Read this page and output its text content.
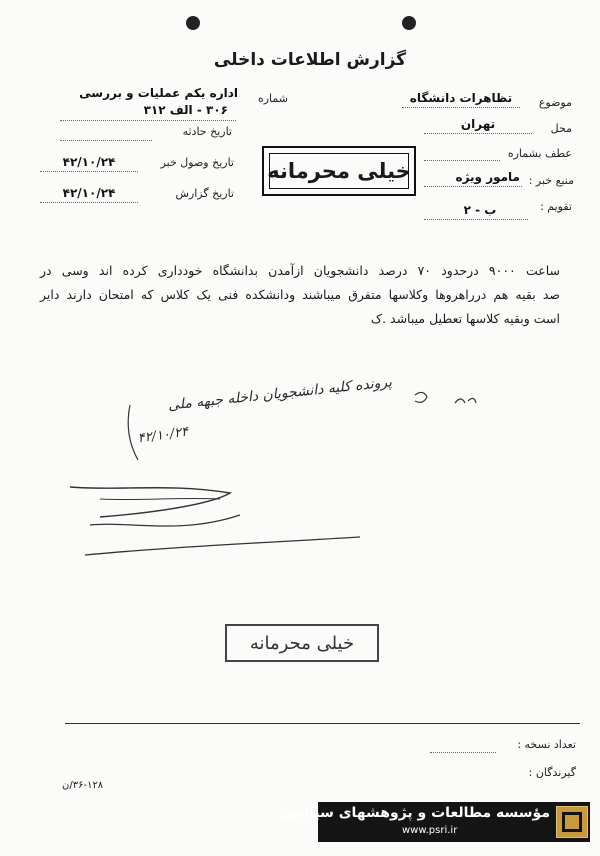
گزارش اطلاعات داخلی
شماره
اداره یکم عملیات و بررسی
۳۰۶ - الف ۳۱۲
تاریخ حادثه
تاریخ وصول خبر
۴۲/۱۰/۲۴
تاریخ گزارش
۴۲/۱۰/۲۴
خیلی محرمانه
موضوع
تظاهرات دانشگاه
محل
تهران
عطف بشماره
منبع خبر :
مامور ویژه
تقویم :
ب - ۲
ساعت ۹۰۰۰ درحدود ۷۰ درصد دانشجویان ازآمدن بدانشگاه خودداری کرده اند وسی در
صد بقیه هم درراهروها وکلاسها متفرق میباشند ودانشکده فنی یک کلاس که امتحان دارند دایر
است وبقیه کلاسها تعطیل میباشد .ک
پرونده کلیه دانشجویان داخله جبهه ملی
۴۲/۱۰/۲۴
خیلی محرمانه
تعداد نسخه :
گیرندگان :
۳۶-۱۲۸/ن
مؤسسه مطالعات و پژوهشهای سیاسی
www.psri.ir
